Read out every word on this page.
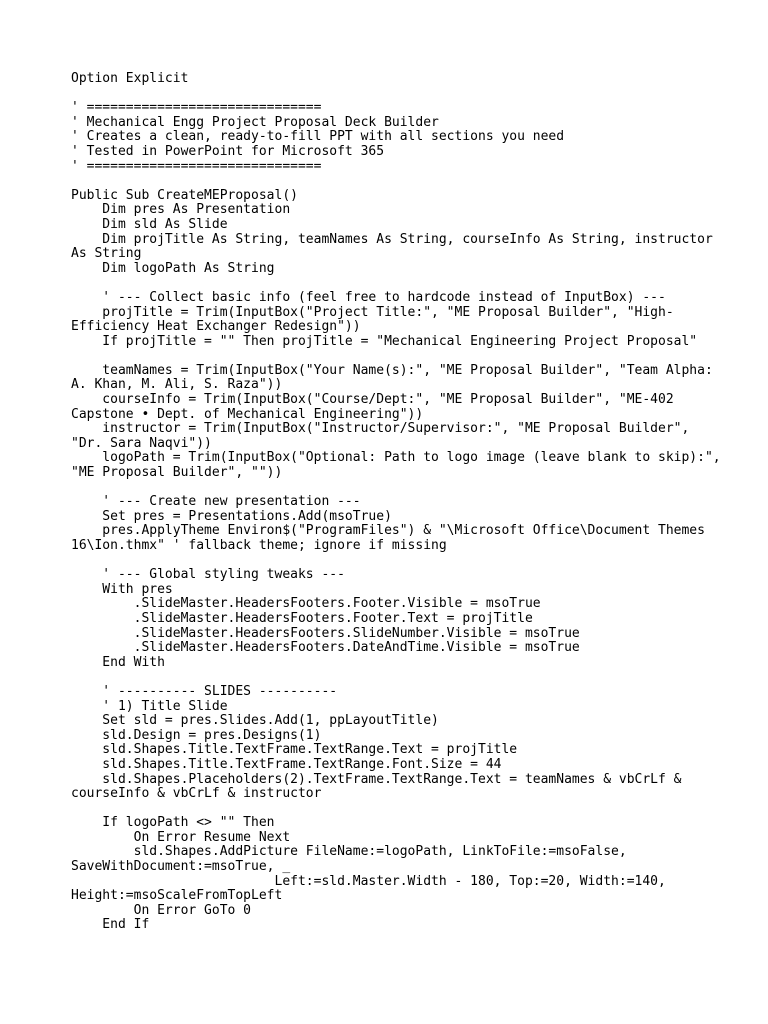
Option Explicit
' ==============================
' Mechanical Engg Project Proposal Deck Builder
' Creates a clean, ready-to-fill PPT with all sections you need
' Tested in PowerPoint for Microsoft 365
' ==============================
Public Sub CreateMEProposal()
Dim pres As Presentation
Dim sld As Slide
Dim projTitle As String, teamNames As String, courseInfo As String, instructor
As String
Dim logoPath As String
' --- Collect basic info (feel free to hardcode instead of InputBox) ---
projTitle = Trim(InputBox("Project Title:", "ME Proposal Builder", "High-
Efficiency Heat Exchanger Redesign"))
If projTitle = "" Then projTitle = "Mechanical Engineering Project Proposal"
teamNames = Trim(InputBox("Your Name(s):", "ME Proposal Builder", "Team Alpha:
A. Khan, M. Ali, S. Raza"))
courseInfo = Trim(InputBox("Course/Dept:", "ME Proposal Builder", "ME-402
Capstone • Dept. of Mechanical Engineering"))
instructor = Trim(InputBox("Instructor/Supervisor:", "ME Proposal Builder",
"Dr. Sara Naqvi"))
logoPath = Trim(InputBox("Optional: Path to logo image (leave blank to skip):",
"ME Proposal Builder", ""))
' --- Create new presentation ---
Set pres = Presentations.Add(msoTrue)
pres.ApplyTheme Environ$("ProgramFiles") & "\Microsoft Office\Document Themes
16\Ion.thmx" ' fallback theme; ignore if missing
' --- Global styling tweaks ---
With pres
.SlideMaster.HeadersFooters.Footer.Visible = msoTrue
.SlideMaster.HeadersFooters.Footer.Text = projTitle
.SlideMaster.HeadersFooters.SlideNumber.Visible = msoTrue
.SlideMaster.HeadersFooters.DateAndTime.Visible = msoTrue
End With
' ---------- SLIDES ----------
' 1) Title Slide
Set sld = pres.Slides.Add(1, ppLayoutTitle)
sld.Design = pres.Designs(1)
sld.Shapes.Title.TextFrame.TextRange.Text = projTitle
sld.Shapes.Title.TextFrame.TextRange.Font.Size = 44
sld.Shapes.Placeholders(2).TextFrame.TextRange.Text = teamNames & vbCrLf &
courseInfo & vbCrLf & instructor
If logoPath <> "" Then
On Error Resume Next
sld.Shapes.AddPicture FileName:=logoPath, LinkToFile:=msoFalse,
SaveWithDocument:=msoTrue, _
Left:=sld.Master.Width - 180, Top:=20, Width:=140,
Height:=msoScaleFromTopLeft
On Error GoTo 0
End If
